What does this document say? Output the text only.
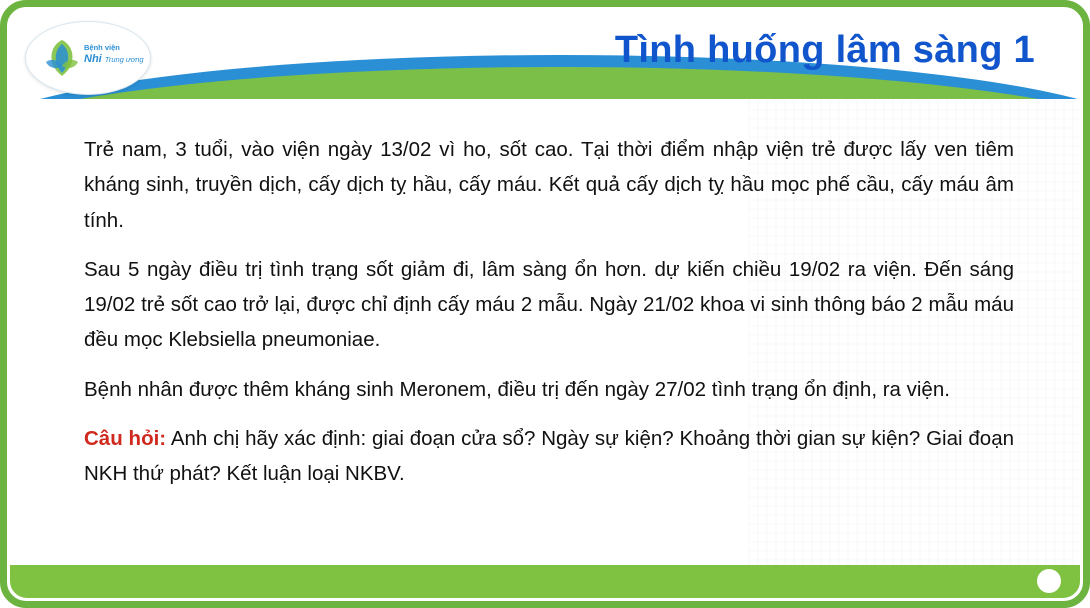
Tình huống lâm sàng 1
Bệnh viện
Nhi Trung ương

Trẻ nam, 3 tuổi, vào viện ngày 13/02 vì ho, sốt cao. Tại thời điểm nhập viện trẻ được lấy ven tiêm kháng sinh, truyền dịch, cấy dịch tỵ hầu, cấy máu. Kết quả cấy dịch tỵ hầu mọc phế cầu, cấy máu âm tính.

Sau 5 ngày điều trị tình trạng sốt giảm đi, lâm sàng ổn hơn. dự kiến chiều 19/02 ra viện. Đến sáng 19/02 trẻ sốt cao trở lại, được chỉ định cấy máu 2 mẫu. Ngày 21/02 khoa vi sinh thông báo 2 mẫu máu đều mọc Klebsiella pneumoniae.

Bệnh nhân được thêm kháng sinh Meronem, điều trị đến ngày 27/02 tình trạng ổn định, ra viện.

Câu hỏi: Anh chị hãy xác định: giai đoạn cửa sổ? Ngày sự kiện? Khoảng thời gian sự kiện? Giai đoạn NKH thứ phát? Kết luận loại NKBV.
